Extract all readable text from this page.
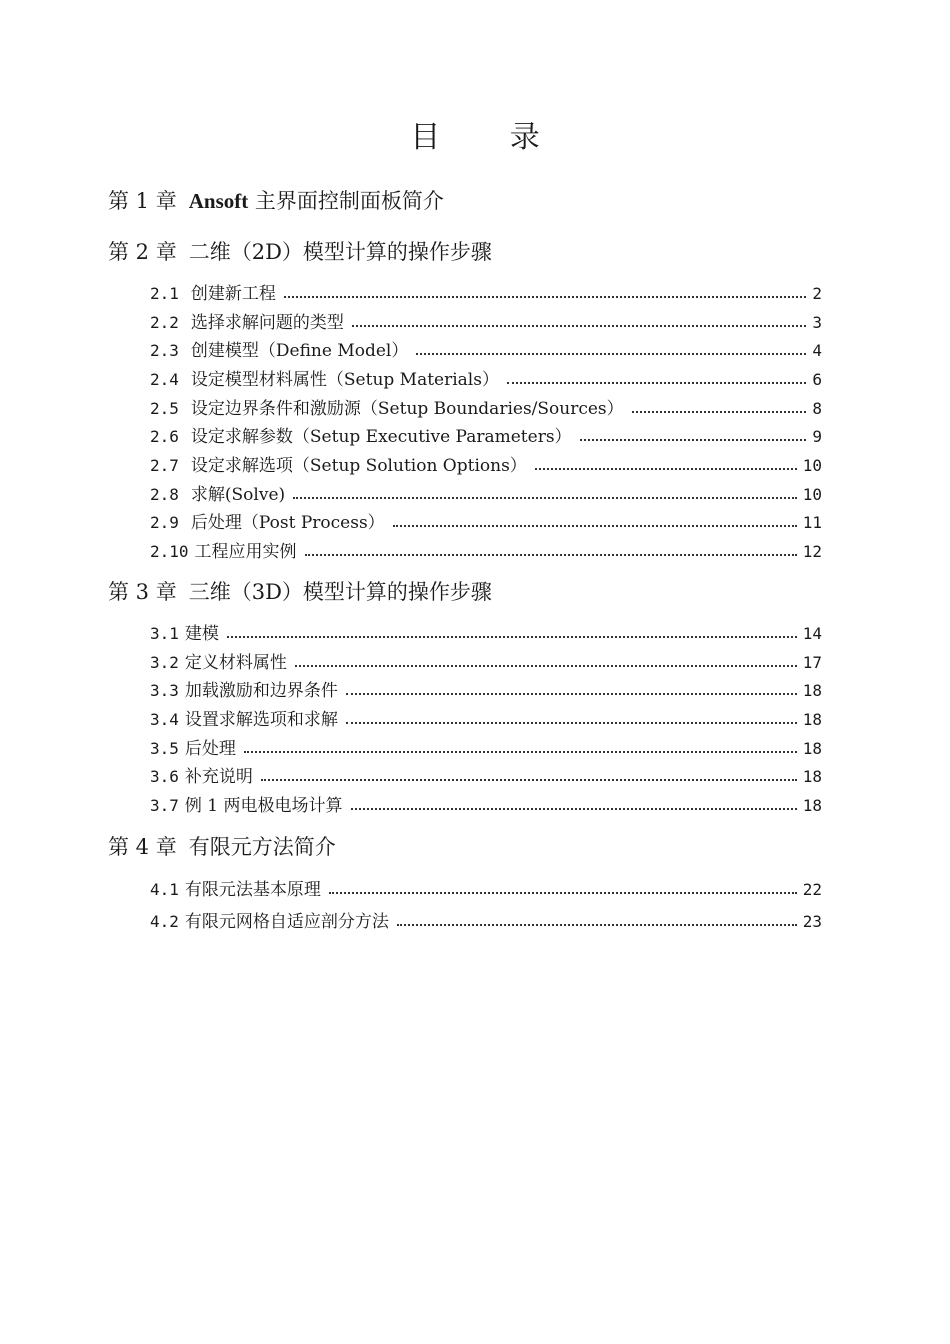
目 录
第 1 章 Ansoft 主界面控制面板简介
第 2 章 二维（2D）模型计算的操作步骤
2.1 创建新工程	2
2.2 选择求解问题的类型	3
2.3 创建模型（Define Model）	4
2.4 设定模型材料属性（Setup Materials）	6
2.5 设定边界条件和激励源（Setup Boundaries/Sources）	8
2.6 设定求解参数（Setup Executive Parameters）	9
2.7 设定求解选项（Setup Solution Options）	10
2.8 求解(Solve)	10
2.9 后处理（Post Process）	11
2.10 工程应用实例	12
第 3 章 三维（3D）模型计算的操作步骤
3.1 建模	14
3.2 定义材料属性	17
3.3 加载激励和边界条件	18
3.4 设置求解选项和求解	18
3.5 后处理	18
3.6 补充说明	18
3.7 例 1 两电极电场计算	18
第 4 章 有限元方法简介
4.1 有限元法基本原理	22
4.2 有限元网格自适应剖分方法	23
